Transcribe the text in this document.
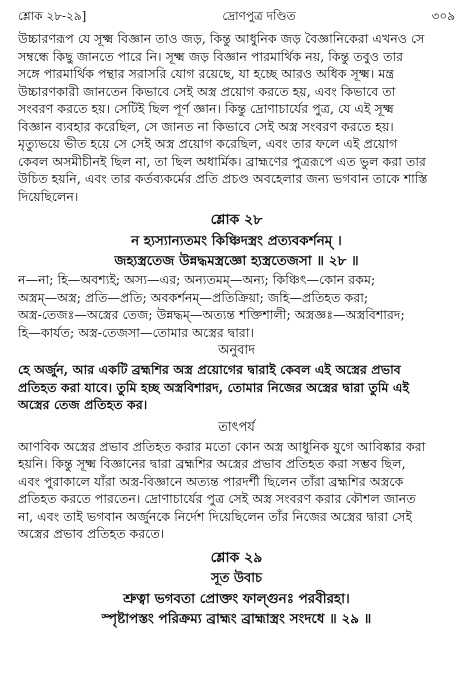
শ্লোক ২৮-২৯]	দ্রোণপুত্র দণ্ডিত	৩০৯

উচ্চারণরূপ যে সূক্ষ্ম বিজ্ঞান তাও জড়, কিন্তু আধুনিক জড় বৈজ্ঞানিকেরা এখনও সে

সম্বন্ধে কিছু জানতে পারে নি। সূক্ষ্ম জড় বিজ্ঞান পারমার্থিক নয়, কিন্তু তবুও তার

সঙ্গে পারমার্থিক পন্থার সরাসরি যোগ রয়েছে, যা হচ্ছে আরও অধিক সূক্ষ্ম। মন্ত্র

উচ্চারণকারী জানতেন কিভাবে সেই অস্ত্র প্রয়োগ করতে হয়, এবং কিভাবে তা

সংবরণ করতে হয়। সেটিই ছিল পূর্ণ জ্ঞান। কিন্তু দ্রোণাচার্যের পুত্র, যে এই সূক্ষ্ম

বিজ্ঞান ব্যবহার করেছিল, সে জানত না কিভাবে সেই অস্ত্র সংবরণ করতে হয়।

মৃত্যুভয়ে ভীত হয়ে সে সেই অস্ত্র প্রয়োগ করেছিল, এবং তার ফলে এই প্রয়োগ

কেবল অসমীচীনই ছিল না, তা ছিল অধার্মিক। ব্রাহ্মণের পুত্ররূপে এত ভুল করা তার

উচিত হয়নি, এবং তার কর্তব্যকর্মের প্রতি প্রচণ্ড অবহেলার জন্য ভগবান তাকে শাস্তি

দিয়েছিলেন।

শ্লোক ২৮
ন হ্যস্যান্যতমং কিঞ্চিদস্ত্রং প্রত্যবকর্শনম্ ।
জহ্যস্ত্রতেজ উন্নদ্ধমস্ত্রজ্ঞো হ্যস্ত্রতেজসা ॥ ২৮ ॥

ন—না; হি—অবশ্যই; অস্য—এর; অন্যতমম্—অন্য; কিঞ্চিৎ—কোন রকম;

অস্ত্রম্—অস্ত্র; প্রতি—প্রতি; অবকর্শনম্—প্রতিক্রিয়া; জহি—প্রতিহত করা;

অস্ত্র-তেজঃ—অস্ত্রের তেজ; উন্নদ্ধম্—অত্যন্ত শক্তিশালী; অস্ত্রজ্ঞঃ—অস্ত্রবিশারদ;

হি—কার্যত; অস্ত্র-তেজসা—তোমার অস্ত্রের দ্বারা।

অনুবাদ

হে অর্জুন, আর একটি ব্রহ্মশির অস্ত্র প্রয়োগের দ্বারাই কেবল এই অস্ত্রের প্রভাব

প্রতিহত করা যাবে। তুমি হচ্ছ অস্ত্রবিশারদ, তোমার নিজের অস্ত্রের দ্বারা তুমি এই

অস্ত্রের তেজ প্রতিহত কর।

তাৎপর্য

আণবিক অস্ত্রের প্রভাব প্রতিহত করার মতো কোন অস্ত্র আধুনিক যুগে আবিষ্কার করা

হয়নি। কিন্তু সূক্ষ্ম বিজ্ঞানের দ্বারা ব্রহ্মশির অস্ত্রের প্রভাব প্রতিহত করা সম্ভব ছিল,

এবং পুরাকালে যাঁরা অস্ত্র-বিজ্ঞানে অত্যন্ত পারদর্শী ছিলেন তাঁরা ব্রহ্মশির অস্ত্রকে

প্রতিহত করতে পারতেন। দ্রোণাচার্যের পুত্র সেই অস্ত্র সংবরণ করার কৌশল জানত

না, এবং তাই ভগবান অর্জুনকে নির্দেশ দিয়েছিলেন তাঁর নিজের অস্ত্রের দ্বারা সেই

অস্ত্রের প্রভাব প্রতিহত করতে।

শ্লোক ২৯
সূত উবাচ
শ্রুত্বা ভগবতা প্রোক্তং ফাল্গুনঃ পরবীরহা।
স্পৃষ্টাপস্তং পরিক্রম্য ব্রাহ্মং ব্রাহ্মাস্ত্রং সংদধে ॥ ২৯ ॥
